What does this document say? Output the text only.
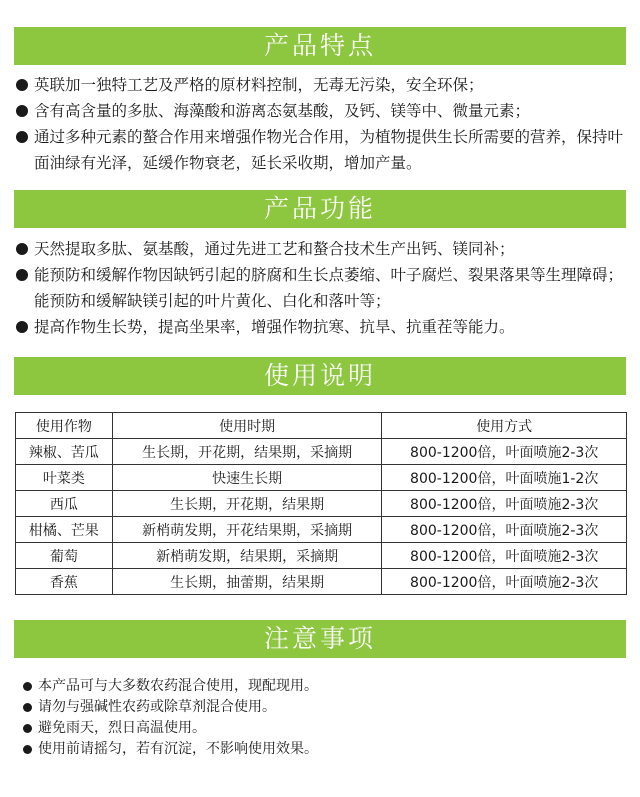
产品特点
英联加一独特工艺及严格的原材料控制，无毒无污染，安全环保；
含有高含量的多肽、海藻酸和游离态氨基酸，及钙、镁等中、微量元素；
通过多种元素的螯合作用来增强作物光合作用，为植物提供生长所需要的营养，保持叶面油绿有光泽，延缓作物衰老，延长采收期，增加产量。
产品功能
天然提取多肽、氨基酸，通过先进工艺和螯合技术生产出钙、镁同补；
能预防和缓解作物因缺钙引起的脐腐和生长点萎缩、叶子腐烂、裂果落果等生理障碍；能预防和缓解缺镁引起的叶片黄化、白化和落叶等；
提高作物生长势，提高坐果率，增强作物抗寒、抗旱、抗重茬等能力。
使用说明
使用作物	使用时期	使用方式
辣椒、苦瓜	生长期，开花期，结果期，采摘期	800-1200倍，叶面喷施2-3次
叶菜类	快速生长期	800-1200倍，叶面喷施1-2次
西瓜	生长期，开花期，结果期	800-1200倍，叶面喷施2-3次
柑橘、芒果	新梢萌发期，开花结果期，采摘期	800-1200倍，叶面喷施2-3次
葡萄	新梢萌发期，结果期，采摘期	800-1200倍，叶面喷施2-3次
香蕉	生长期，抽蕾期，结果期	800-1200倍，叶面喷施2-3次
注意事项
本产品可与大多数农药混合使用，现配现用。
请勿与强碱性农药或除草剂混合使用。
避免雨天，烈日高温使用。
使用前请摇匀，若有沉淀，不影响使用效果。
